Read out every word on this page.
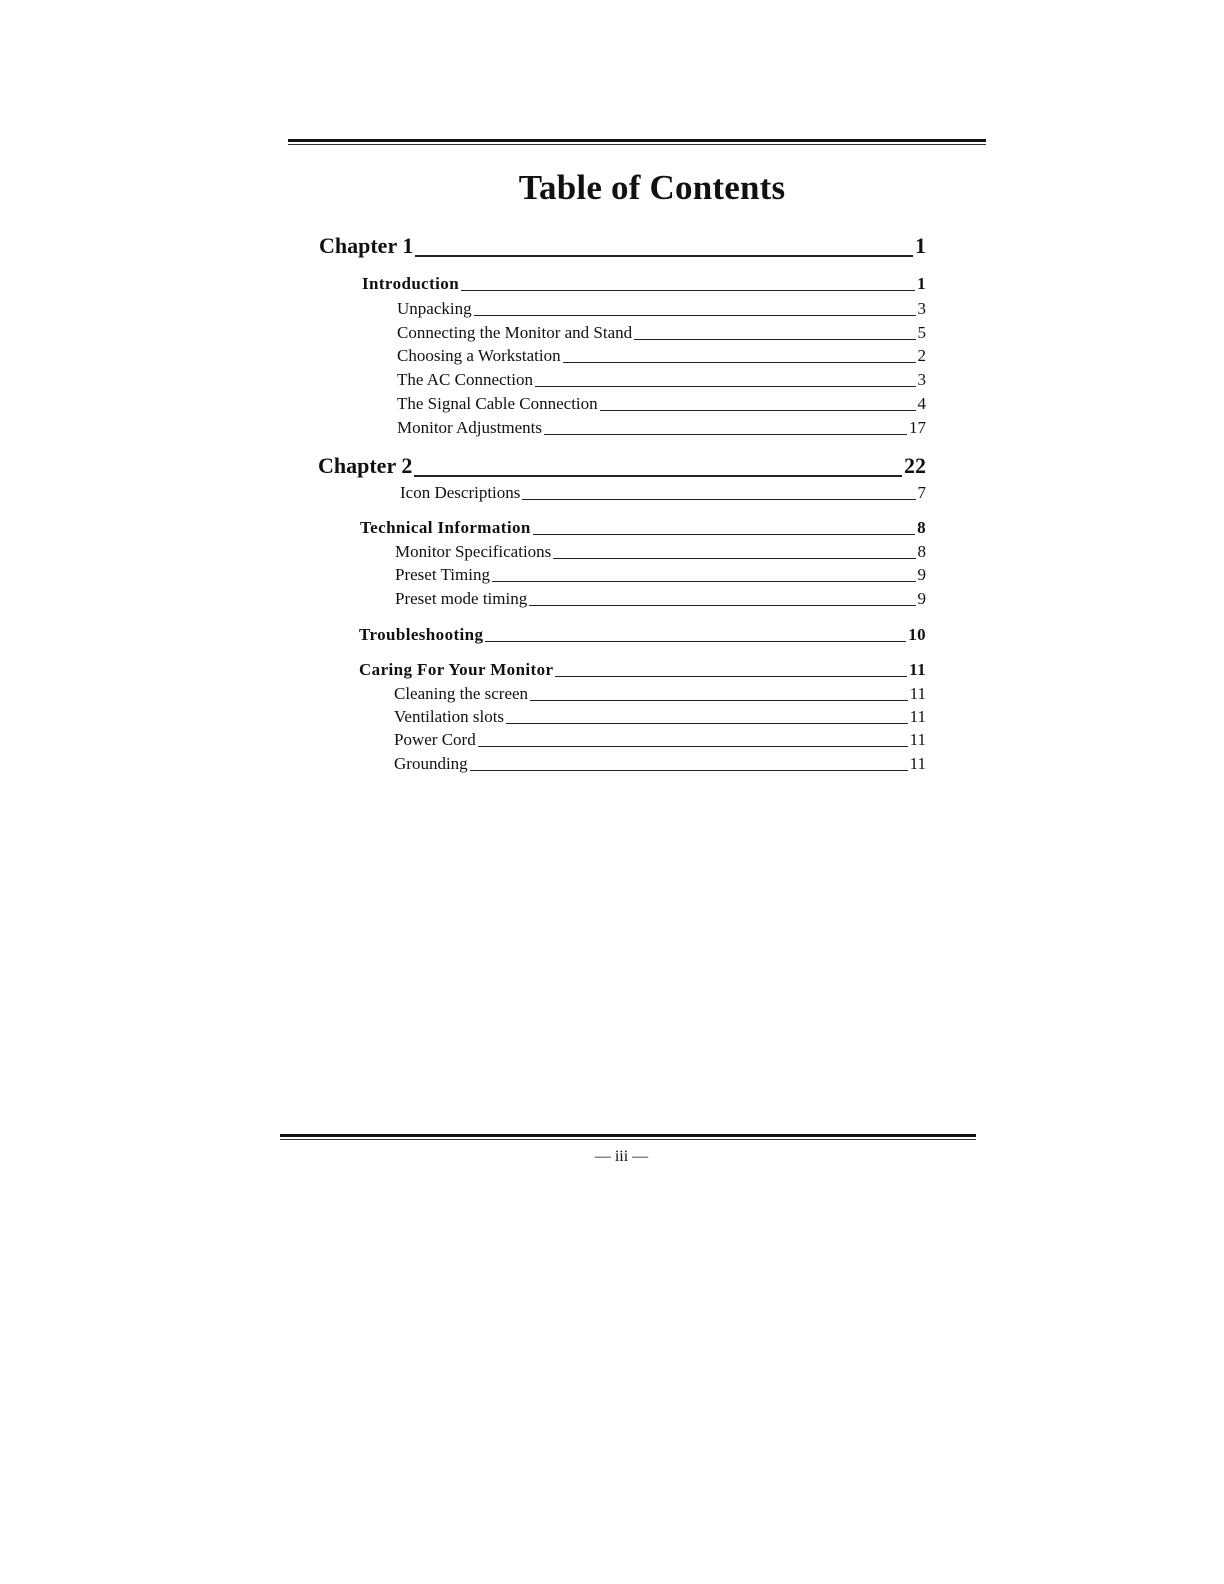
Table of Contents
Chapter 1	1
Introduction	1
Unpacking	3
Connecting the Monitor and Stand	5
Choosing a Workstation	2
The AC Connection	3
The Signal Cable Connection	4
Monitor Adjustments	17
Chapter 2	22
Icon Descriptions	7
Technical Information	8
Monitor Specifications	8
Preset Timing	9
Preset mode timing	9
Troubleshooting	10
Caring For Your Monitor	11
Cleaning the screen	11
Ventilation slots	11
Power Cord	11
Grounding	11
— iii —
